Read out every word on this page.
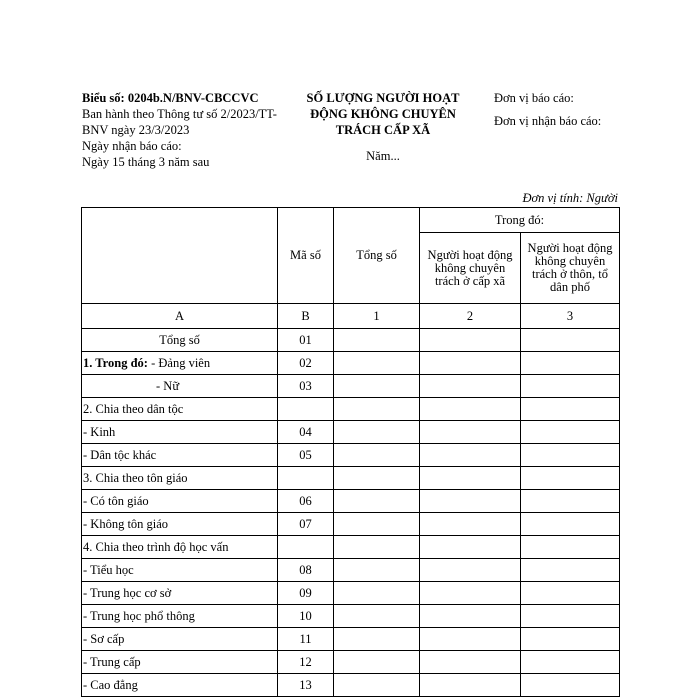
Biểu số: 0204b.N/BNV-CBCCVC
Ban hành theo Thông tư số 2/2023/TT-BNV ngày 23/3/2023
Ngày nhận báo cáo:
Ngày 15 tháng 3 năm sau
SỐ LƯỢNG NGƯỜI HOẠT ĐỘNG KHÔNG CHUYÊN TRÁCH CẤP XÃ
Năm...
Đơn vị báo cáo:
Đơn vị nhận báo cáo:
Đơn vị tính: Người
	Mã số	Tổng số	Trong đó:	
			Người hoạt động không chuyên trách ở cấp xã	Người hoạt động không chuyên trách ở thôn, tổ dân phố
A	B	1	2	3
Tổng số	01			
1. Trong đó: - Đảng viên	02			
- Nữ	03			
2. Chia theo dân tộc				
- Kinh	04			
- Dân tộc khác	05			
3. Chia theo tôn giáo				
- Có tôn giáo	06			
- Không tôn giáo	07			
4. Chia theo trình độ học vấn				
- Tiểu học	08			
- Trung học cơ sở	09			
- Trung học phổ thông	10			
- Sơ cấp	11			
- Trung cấp	12			
- Cao đẳng	13			
